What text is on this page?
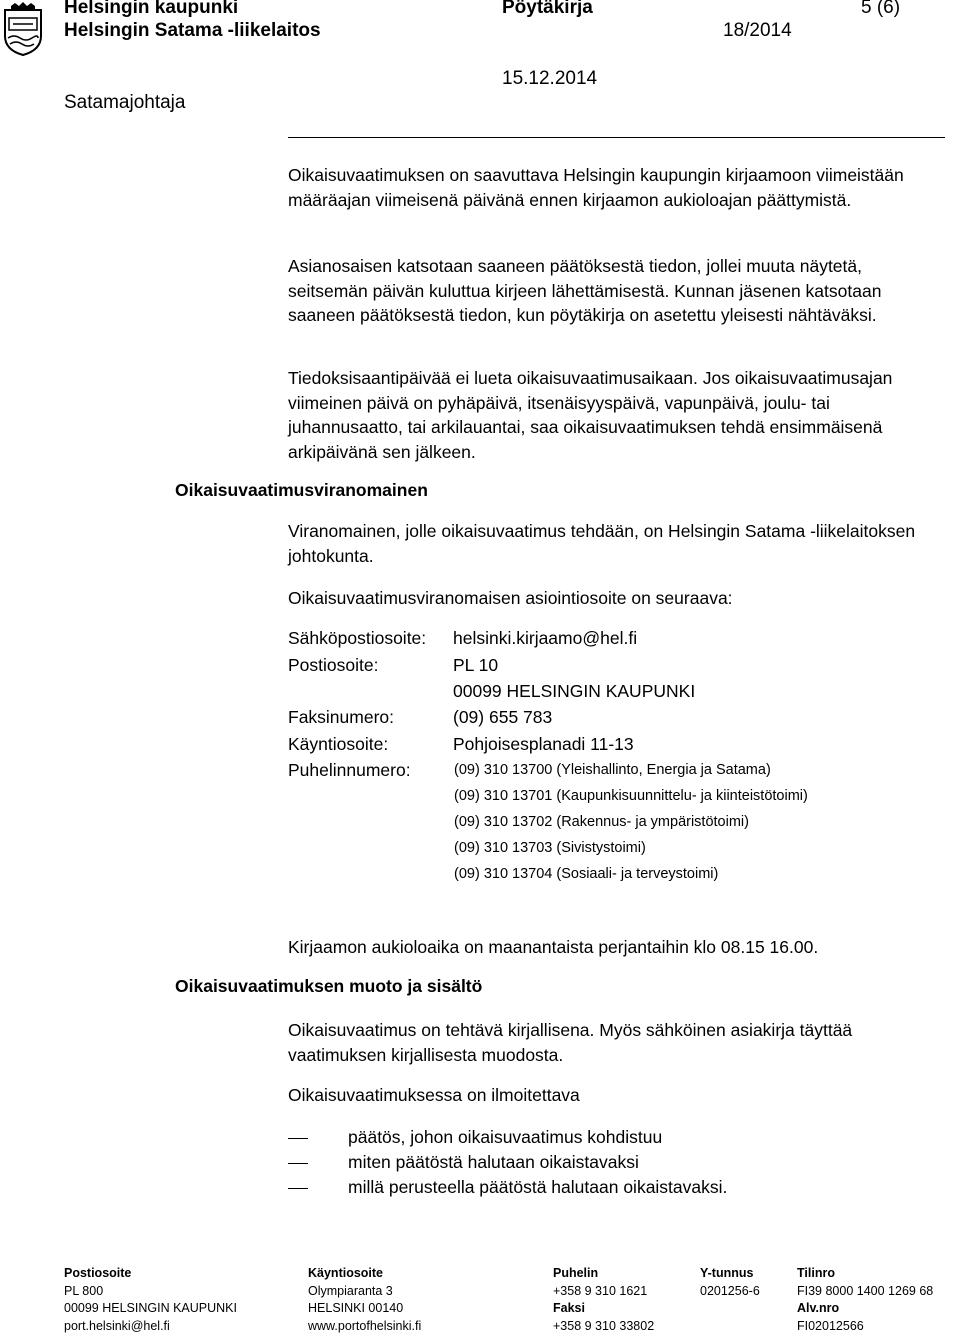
Helsingin kaupunki
Helsingin Satama -liikelaitos
Pöytäkirja	5 (6)
18/2014
Satamajohtaja
15.12.2014

Oikaisuvaatimuksen on saavuttava Helsingin kaupungin kirjaamoon viimeistään määräajan viimeisenä päivänä ennen kirjaamon aukioloajan päättymistä.

Asianosaisen katsotaan saaneen päätöksestä tiedon, jollei muuta näytetä, seitsemän päivän kuluttua kirjeen lähettämisestä. Kunnan jäsenen katsotaan saaneen päätöksestä tiedon, kun pöytäkirja on asetettu yleisesti nähtäväksi.

Tiedoksisaantipäivää ei lueta oikaisuvaatimusaikaan. Jos oikaisuvaatimusajan viimeinen päivä on pyhäpäivä, itsenäisyyspäivä, vapunpäivä, joulu- tai juhannusaatto, tai arkilauantai, saa oikaisuvaatimuksen tehdä ensimmäisenä arkipäivänä sen jälkeen.

Oikaisuvaatimusviranomainen

Viranomainen, jolle oikaisuvaatimus tehdään, on Helsingin Satama -liikelaitoksen johtokunta.

Oikaisuvaatimusviranomaisen asiointiosoite on seuraava:

Sähköpostiosoite: helsinki.kirjaamo@hel.fi
Postiosoite:	PL 10
00099 HELSINGIN KAUPUNKI
Faksinumero:	(09) 655 783
Käyntiosoite:	Pohjoisesplanadi 11-13
Puhelinnumero:	(09) 310 13700 (Yleishallinto, Energia ja Satama)
(09) 310 13701 (Kaupunkisuunnittelu- ja kiinteistötoimi)
(09) 310 13702 (Rakennus- ja ympäristötoimi)
(09) 310 13703 (Sivistystoimi)
(09) 310 13704 (Sosiaali- ja terveystoimi)

Kirjaamon aukioloaika on maanantaista perjantaihin klo 08.15 16.00.

Oikaisuvaatimuksen muoto ja sisältö

Oikaisuvaatimus on tehtävä kirjallisena. Myös sähköinen asiakirja täyttää vaatimuksen kirjallisesta muodosta.

Oikaisuvaatimuksessa on ilmoitettava

päätös, johon oikaisuvaatimus kohdistuu
miten päätöstä halutaan oikaistavaksi
millä perusteella päätöstä halutaan oikaistavaksi.
Postiosoite
PL 800
00099 HELSINGIN KAUPUNKI
port.helsinki@hel.fi
Käyntiosoite
Olympiaranta 3
HELSINKI 00140
www.portofhelsinki.fi
Puhelin
+358 9 310 1621
Faksi
+358 9 310 33802
Y-tunnus
0201256-6
Tilinro
FI39 8000 1400 1269 68
Alv.nro
FI02012566
